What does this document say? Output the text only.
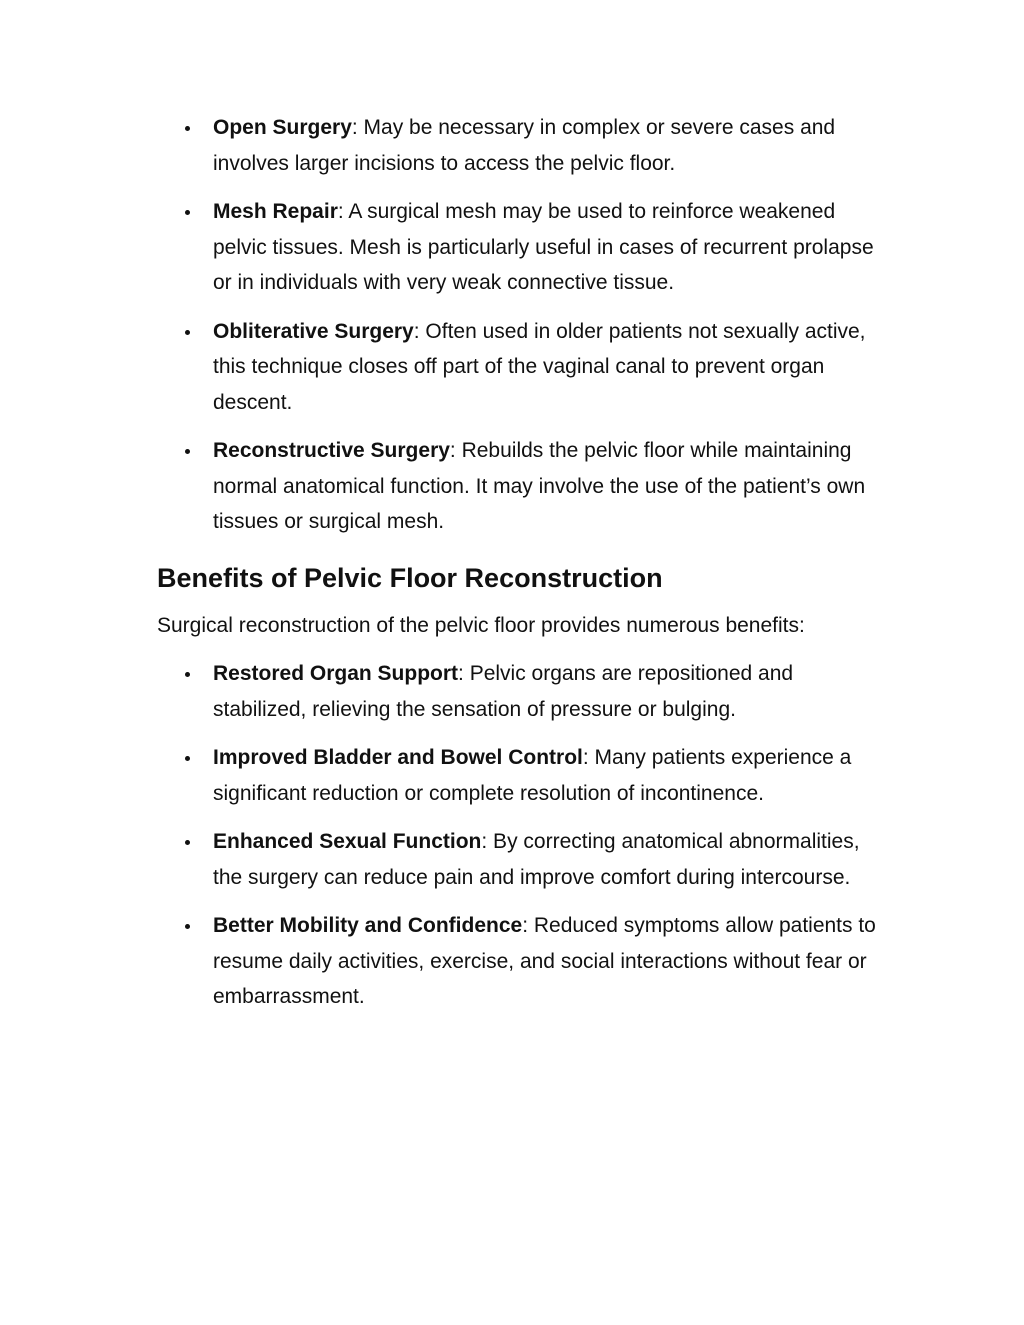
Open Surgery: May be necessary in complex or severe cases and involves larger incisions to access the pelvic floor.
Mesh Repair: A surgical mesh may be used to reinforce weakened pelvic tissues. Mesh is particularly useful in cases of recurrent prolapse or in individuals with very weak connective tissue.
Obliterative Surgery: Often used in older patients not sexually active, this technique closes off part of the vaginal canal to prevent organ descent.
Reconstructive Surgery: Rebuilds the pelvic floor while maintaining normal anatomical function. It may involve the use of the patient’s own tissues or surgical mesh.
Benefits of Pelvic Floor Reconstruction

Surgical reconstruction of the pelvic floor provides numerous benefits:

Restored Organ Support: Pelvic organs are repositioned and stabilized, relieving the sensation of pressure or bulging.
Improved Bladder and Bowel Control: Many patients experience a significant reduction or complete resolution of incontinence.
Enhanced Sexual Function: By correcting anatomical abnormalities, the surgery can reduce pain and improve comfort during intercourse.
Better Mobility and Confidence: Reduced symptoms allow patients to resume daily activities, exercise, and social interactions without fear or embarrassment.
